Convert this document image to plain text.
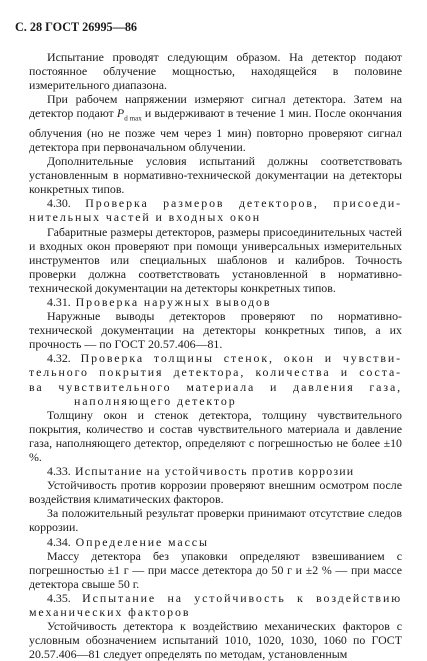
С. 28 ГОСТ 26995—86

Испытание проводят следующим образом. На детектор подают постоянное облучение мощностью, находящейся в половине измерительного диапазона.

При рабочем напряжении измеряют сигнал детектора. Затем на детектор подают $P_{d max}$ и выдерживают в течение 1 мин. После окончания облучения (но не позже чем через 1 мин) повторно проверяют сигнал детектора при первоначальном облучении.

Дополнительные условия испытаний должны соответствовать установленным в нормативно-технической документации на детекторы конкретных типов.

4.30. Проверка размеров детекторов, присоеди-

нительных частей и входных окон

Габаритные размеры детекторов, размеры присоединительных частей и входных окон проверяют при помощи универсальных измерительных инструментов или специальных шаблонов и калибров. Точность проверки должна соответствовать установленной в нормативно-технической документации на детекторы конкретных типов.

4.31. Проверка наружных выводов

Наружные выводы детекторов проверяют по нормативно-технической документации на детекторы конкретных типов, а их прочность — по ГОСТ 20.57.406—81.

4.32. Проверка толщины стенок, окон и чувстви-

тельного покрытия детектора, количества и соста-

ва чувствительного материала и давления газа,

наполняющего детектор

Толщину окон и стенок детектора, толщину чувствительного покрытия, количество и состав чувствительного материала и давление газа, наполняющего детектор, определяют с погрешностью не более ±10 %.

4.33. Испытание на устойчивость против коррозии

Устойчивость против коррозии проверяют внешним осмотром после воздействия климатических факторов.

За положительный результат проверки принимают отсутствие следов коррозии.

4.34. Определение массы

Массу детектора без упаковки определяют взвешиванием с погрешностью ±1 г — при массе детектора до 50 г и ±2 % — при массе детектора свыше 50 г.

4.35. Испытание на устойчивость к воздействию

механических факторов

Устойчивость детектора к воздействию механических факторов с условным обозначением испытаний 1010, 1020, 1030, 1060 по ГОСТ 20.57.406—81 следует определять по методам, установленным
